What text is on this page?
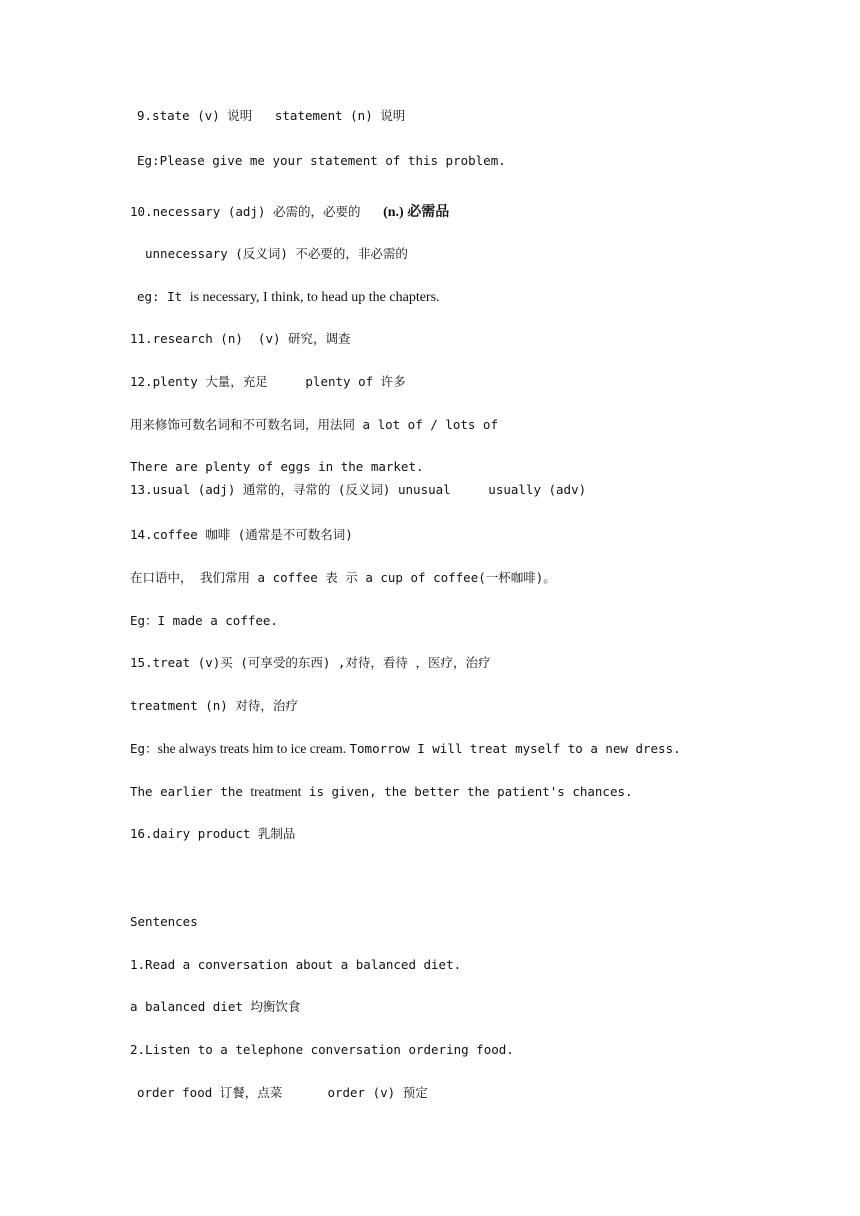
9.state (v) 说明   statement (n) 说明
Eg:Please give me your statement of this problem.
10.necessary (adj) 必需的，必要的   (n.) 必需品
unnecessary (反义词) 不必要的，非必需的
eg: It is necessary, I think, to head up the chapters.
11.research (n)  (v) 研究，调查
12.plenty 大量，充足     plenty of 许多
用来修饰可数名词和不可数名词，用法同 a lot of / lots of
There are plenty of eggs in the market.
13.usual (adj) 通常的，寻常的 (反义词) unusual     usually (adv)
14.coffee 咖啡 (通常是不可数名词)
在口语中， 我们常用 a coffee 表 示 a cup of coffee(一杯咖啡)。
Eg：I made a coffee.
15.treat (v)买 (可享受的东西) ,对待，看待 ，医疗，治疗
treatment (n) 对待，治疗
Eg：she always treats him to ice cream. Tomorrow I will treat myself to a new dress.
The earlier the treatment is given, the better the patient's chances.
16.dairy product 乳制品
Sentences
1.Read a conversation about a balanced diet.
a balanced diet 均衡饮食
2.Listen to a telephone conversation ordering food.
order food 订餐，点菜      order (v) 预定
